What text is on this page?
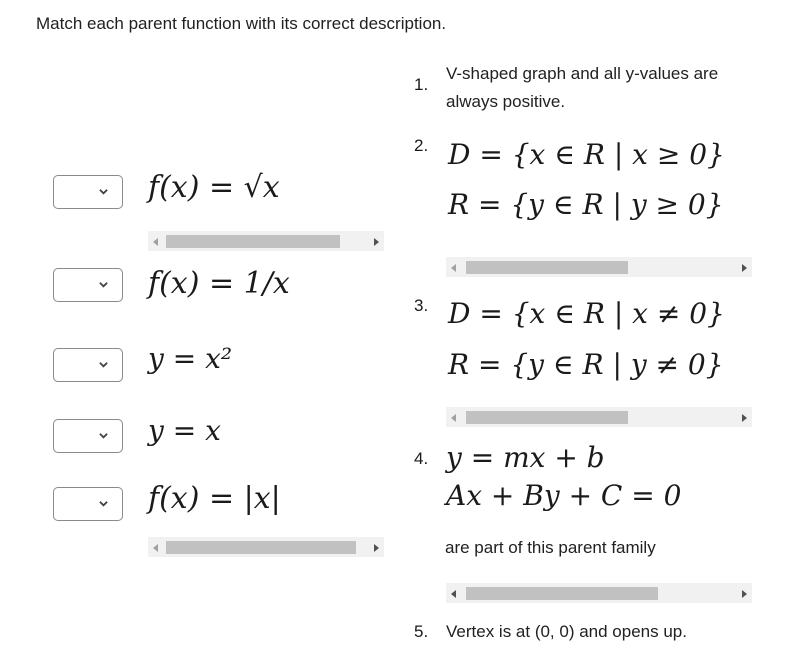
Match each parent function with its correct description.
f(x) = √x
f(x) = 1/x
y = x²
y = x
f(x) = |x|
1.
V-shaped graph and all y-values are
always positive.
2. D = {x ∈ R | x ≥ 0}
R = {y ∈ R | y ≥ 0}
3. D = {x ∈ R | x ≠ 0}
R = {y ∈ R | y ≠ 0}
4. y = mx + b
Ax + By + C = 0
are part of this parent family
5. Vertex is at (0, 0) and opens up.
